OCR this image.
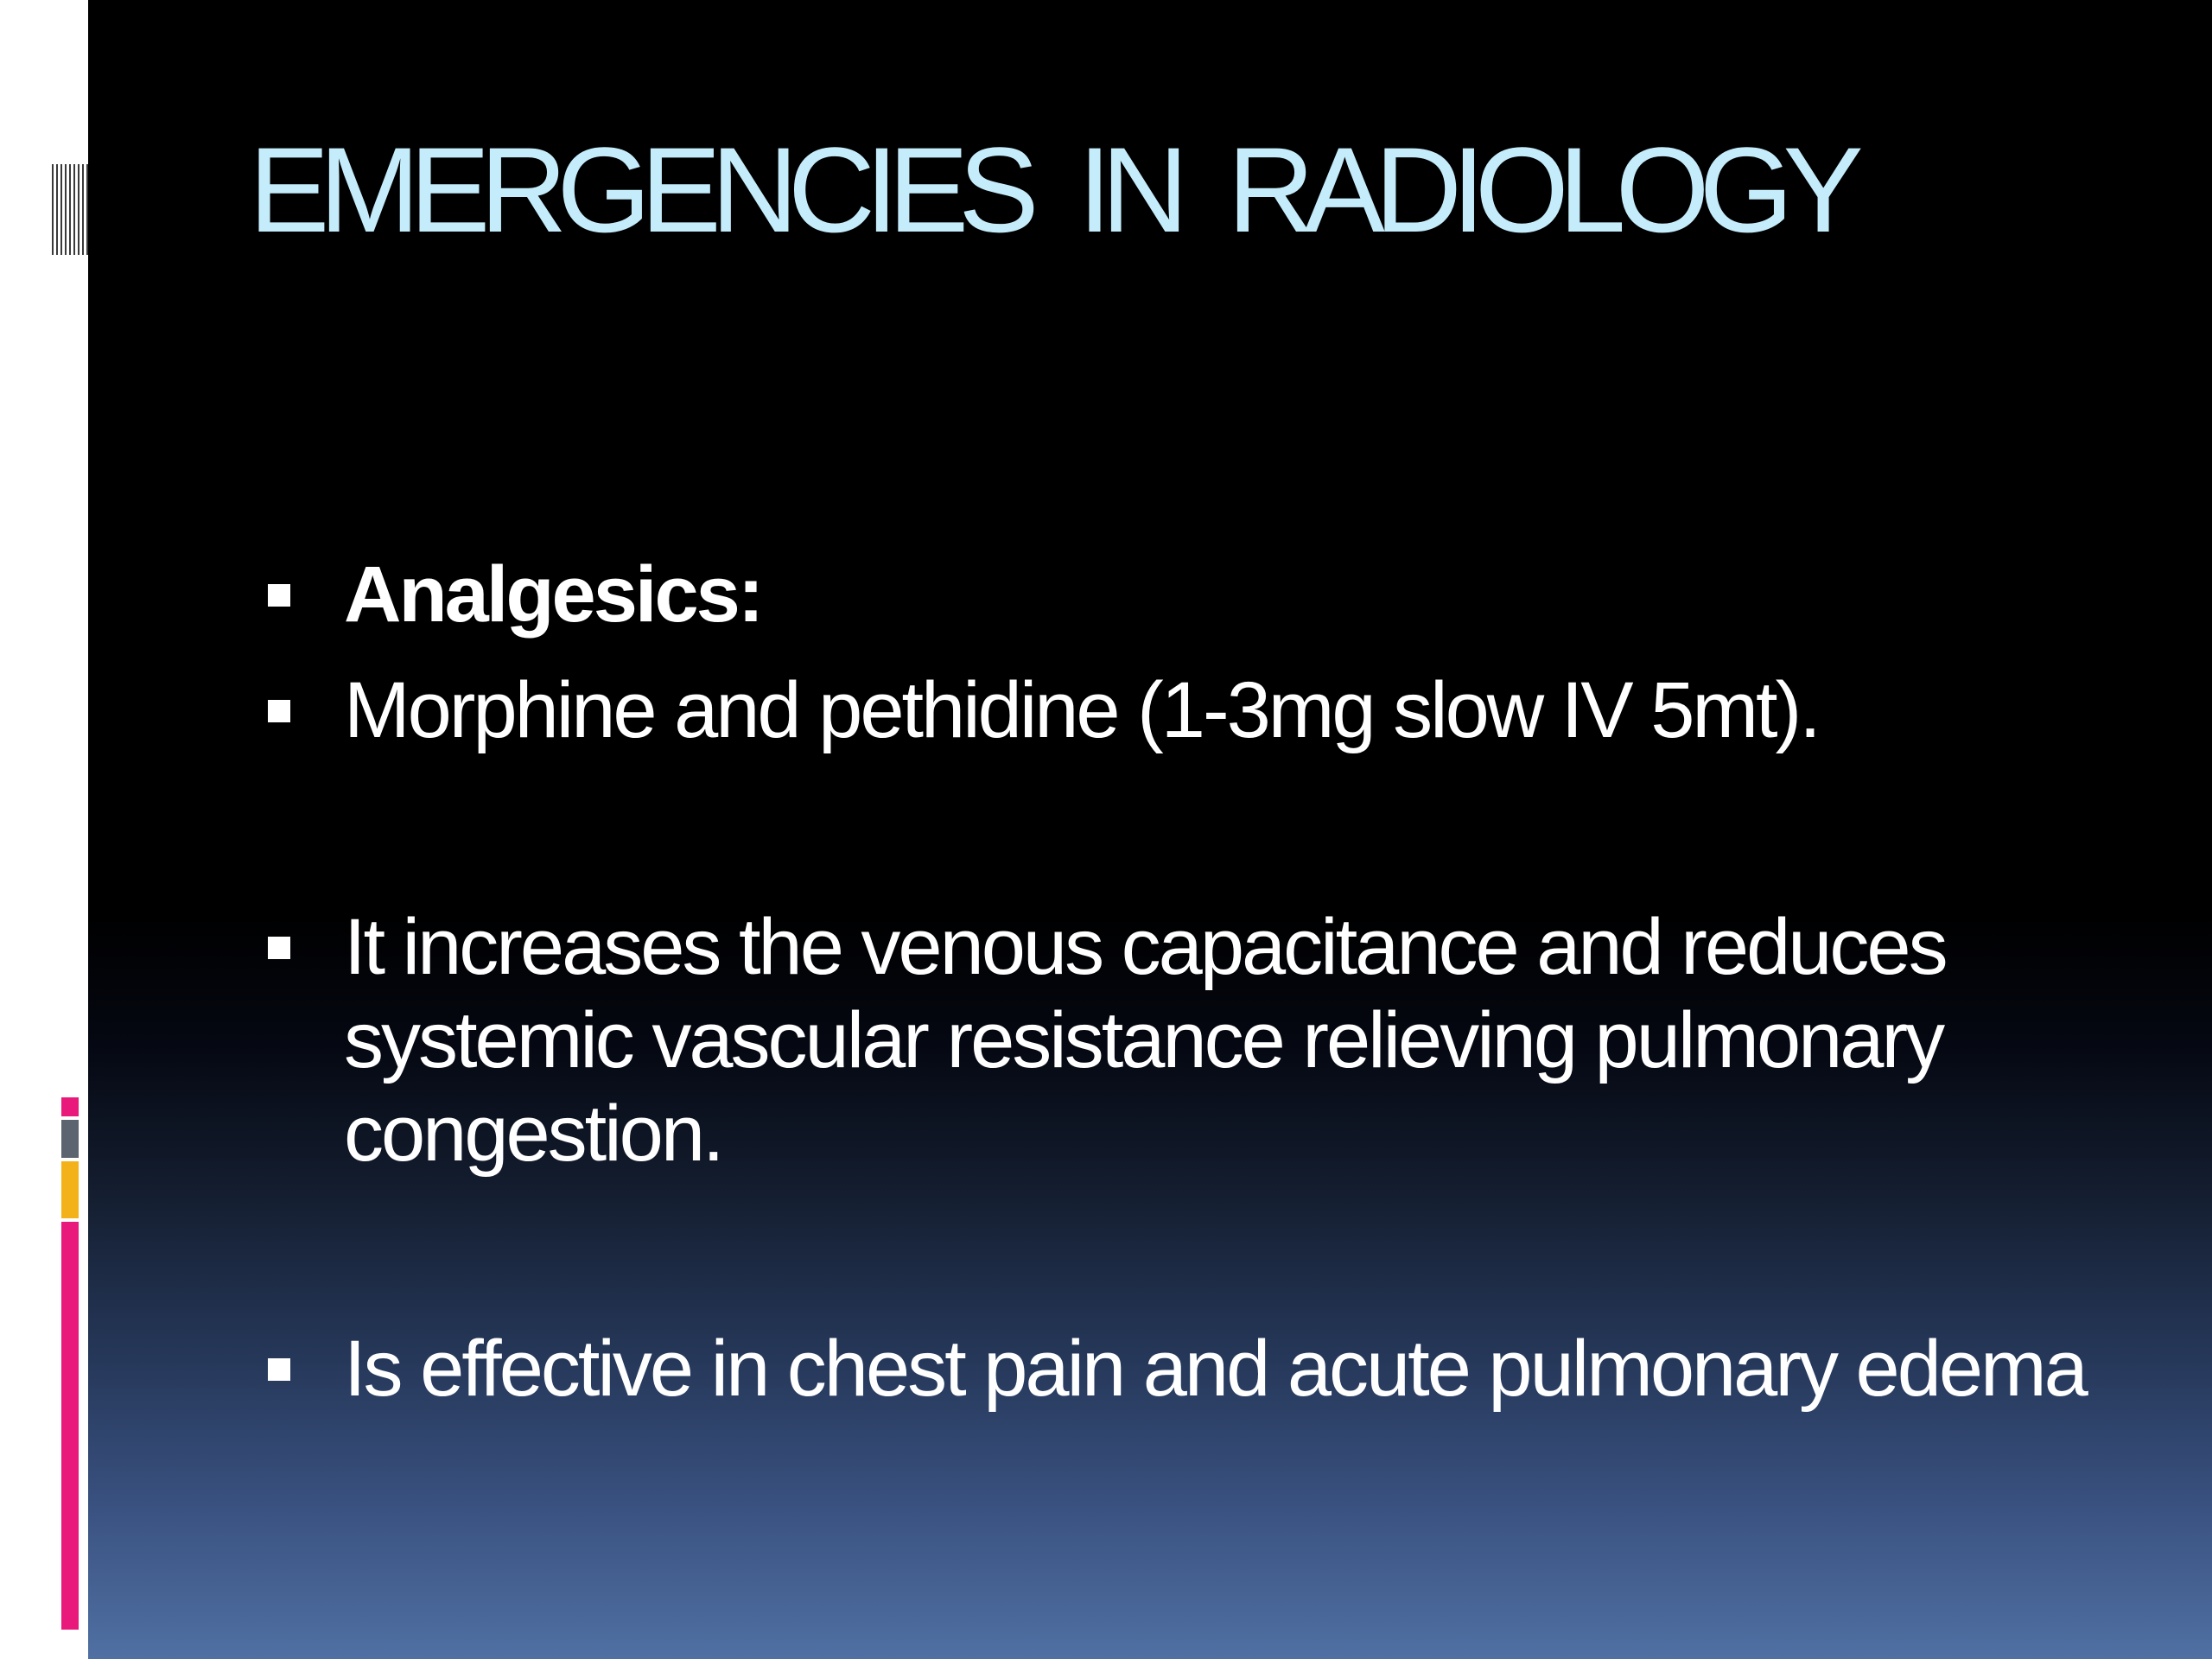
EMERGENCIES IN RADIOLOGY
Analgesics:
Morphine and pethidine (1-3mg slow IV 5mt).
It increases the venous capacitance and reduces systemic vascular resistance relieving pulmonary congestion.
Is effective in chest pain and acute pulmonary edema
